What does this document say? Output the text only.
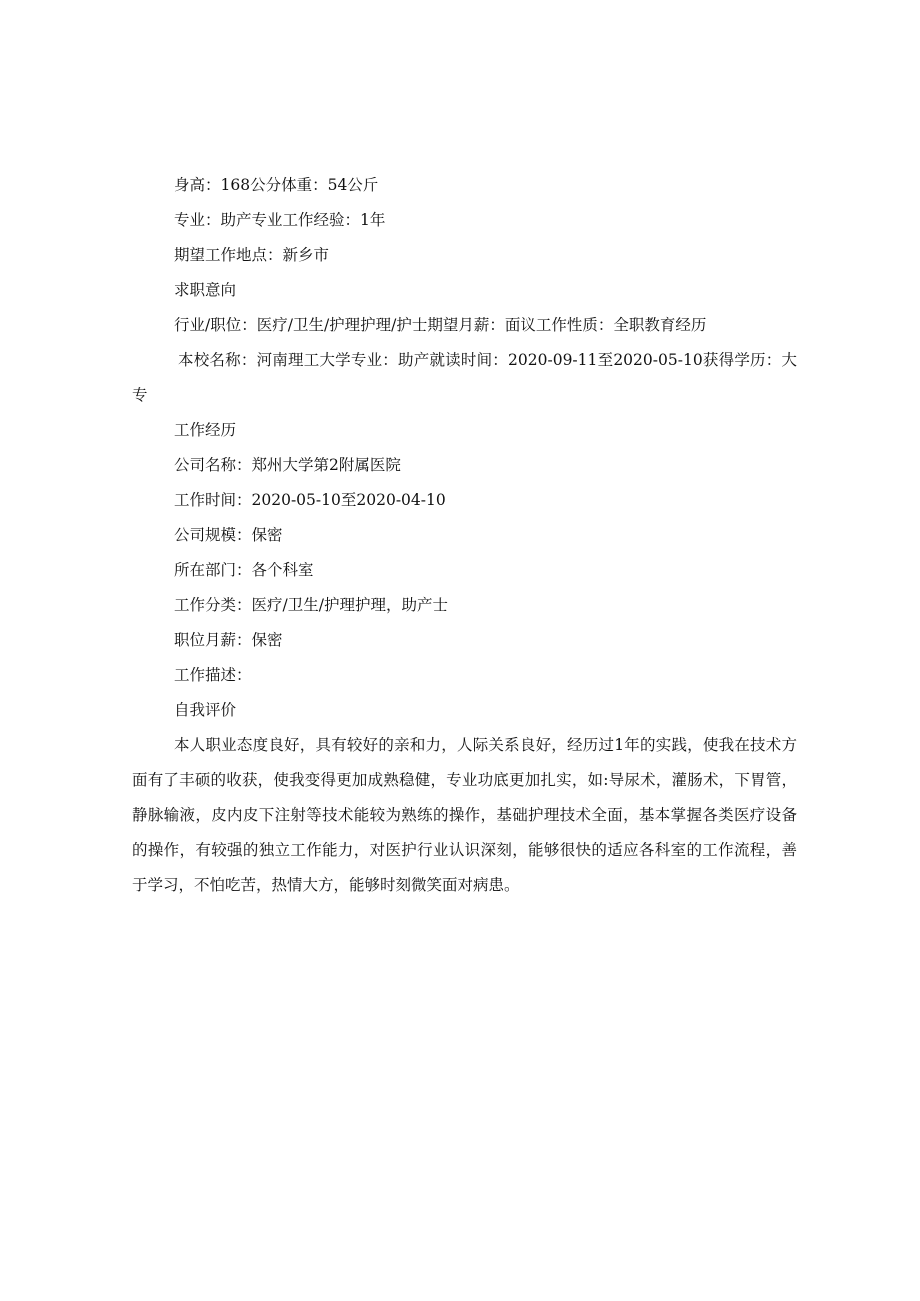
身高：168公分体重：54公斤

专业：助产专业工作经验：1年

期望工作地点：新乡市

求职意向

行业/职位：医疗/卫生/护理护理/护士期望月薪：面议工作性质：全职教育经历

本校名称：河南理工大学专业：助产就读时间：2020-09-11至2020-05-10获得学历：大专

工作经历

公司名称：郑州大学第2附属医院

工作时间：2020-05-10至2020-04-10

公司规模：保密

所在部门：各个科室

工作分类：医疗/卫生/护理护理，助产士

职位月薪：保密

工作描述：

自我评价

本人职业态度良好，具有较好的亲和力，人际关系良好，经历过1年的实践，使我在技术方面有了丰硕的收获，使我变得更加成熟稳健，专业功底更加扎实，如:导尿术，灌肠术，下胃管，静脉输液，皮内皮下注射等技术能较为熟练的操作，基础护理技术全面，基本掌握各类医疗设备的操作，有较强的独立工作能力，对医护行业认识深刻，能够很快的适应各科室的工作流程，善于学习，不怕吃苦，热情大方，能够时刻微笑面对病患。
